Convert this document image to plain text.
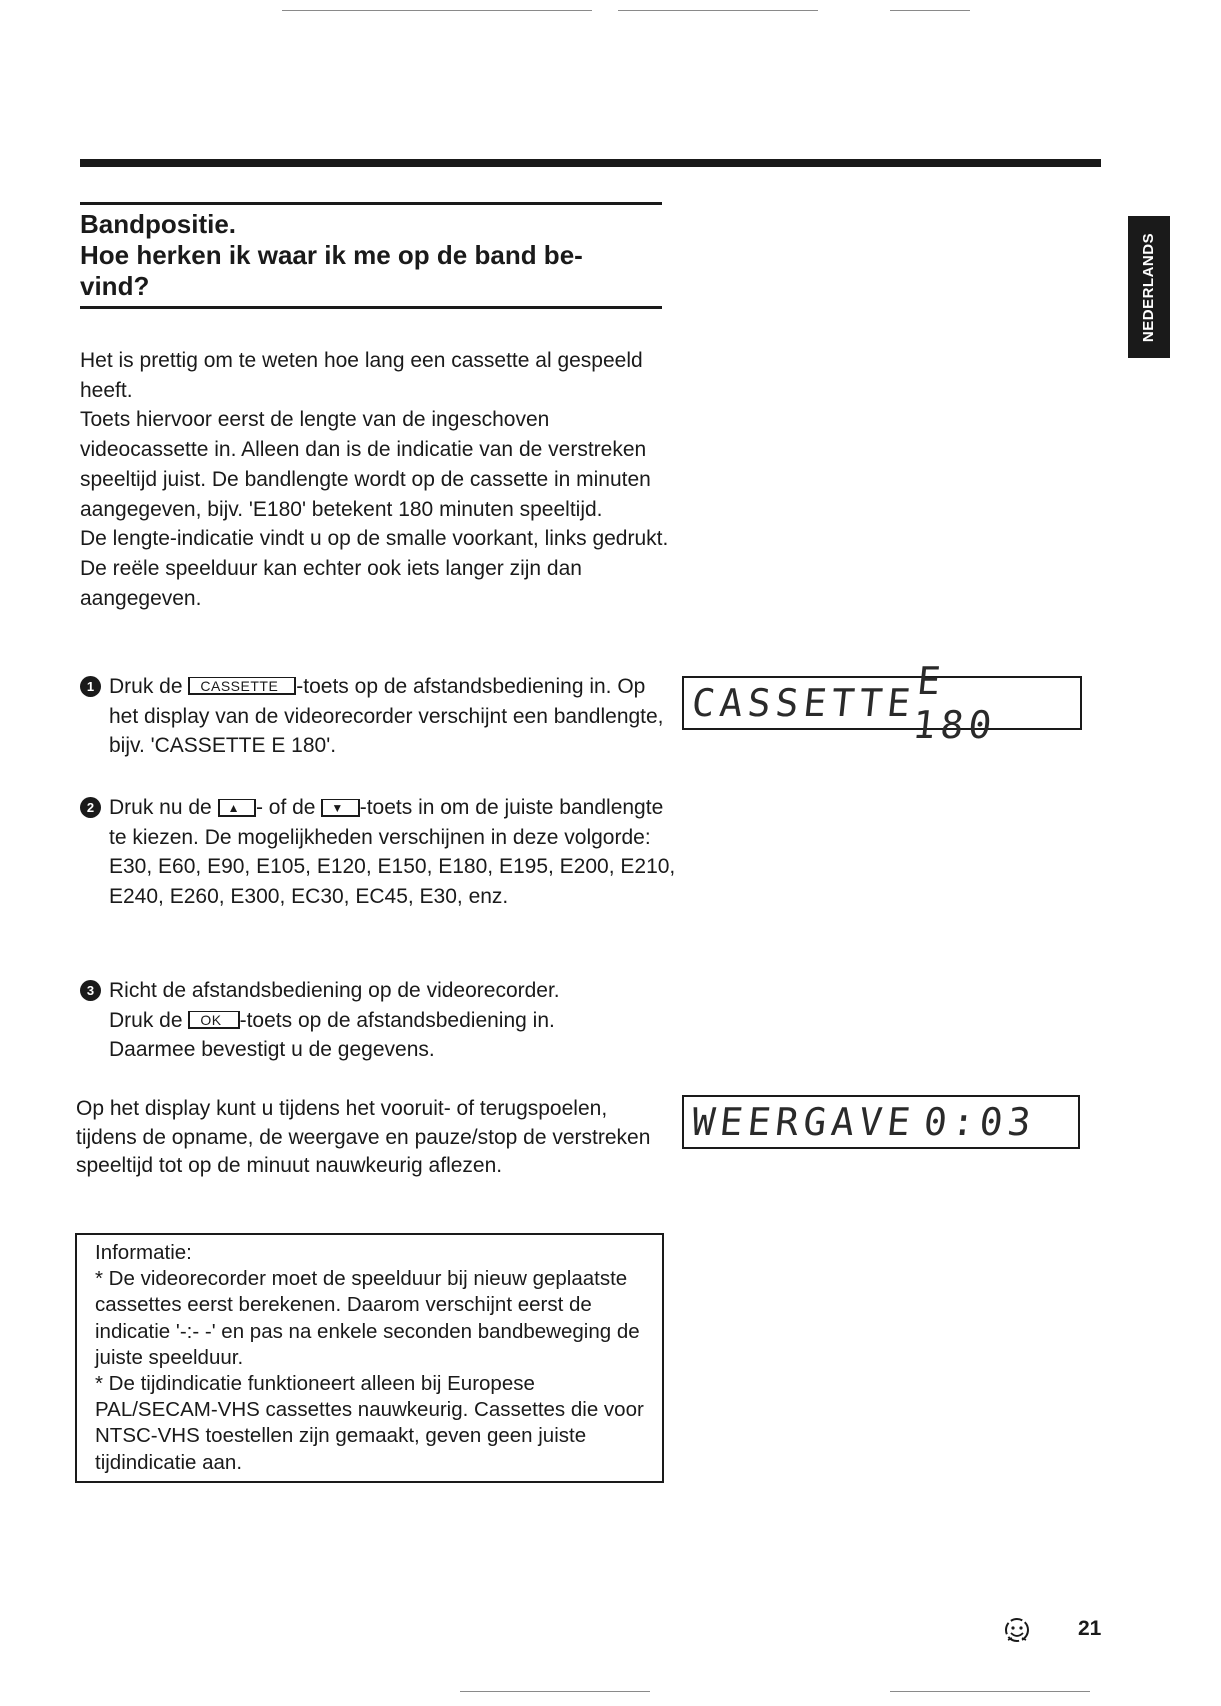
Bandpositie.
Hoe herken ik waar ik me op de band be-
vind?	NEDERLANDS

Het is prettig om te weten hoe lang een cassette al gespeeld heeft.

Toets hiervoor eerst de lengte van de ingeschoven videocassette in. Alleen dan is de indicatie van de verstreken speeltijd juist. De bandlengte wordt op de cassette in minuten aangegeven, bijv. 'E180' betekent 180 minuten speeltijd.

De lengte-indicatie vindt u op de smalle voorkant, links gedrukt. De reële speelduur kan echter ook iets langer zijn dan aangegeven.

1 Druk de CASSETTE -toets op de afstandsbediening in. Op het display van de videorecorder verschijnt een bandlengte, bijv. 'CASSETTE E 180'.
CASSETTE
E 180
2 Druk nu de ▲ - of de ▼ -toets in om de juiste bandlengte te kiezen. De mogelijkheden verschijnen in deze volgorde: E30, E60, E90, E105, E120, E150, E180, E195, E200, E210, E240, E260, E300, EC30, EC45, E30, enz.
3 Richt de afstandsbediening op de videorecorder.
Druk de OK -toets op de afstandsbediening in.
Daarmee bevestigt u de gegevens.
Op het display kunt u tijdens het vooruit- of terugspoelen, tijdens de opname, de weergave en pauze/stop de verstreken speeltijd tot op de minuut nauwkeurig aflezen.
WEERGAVE 0:03

Informatie:

* De videorecorder moet de speelduur bij nieuw geplaatste cassettes eerst berekenen. Daarom verschijnt eerst de indicatie '-:- -' en pas na enkele seconden bandbeweging de juiste speelduur.

* De tijdindicatie funktioneert alleen bij Europese PAL/SECAM-VHS cassettes nauwkeurig. Cassettes die voor NTSC-VHS toestellen zijn gemaakt, geven geen juiste tijdindicatie aan.

21
